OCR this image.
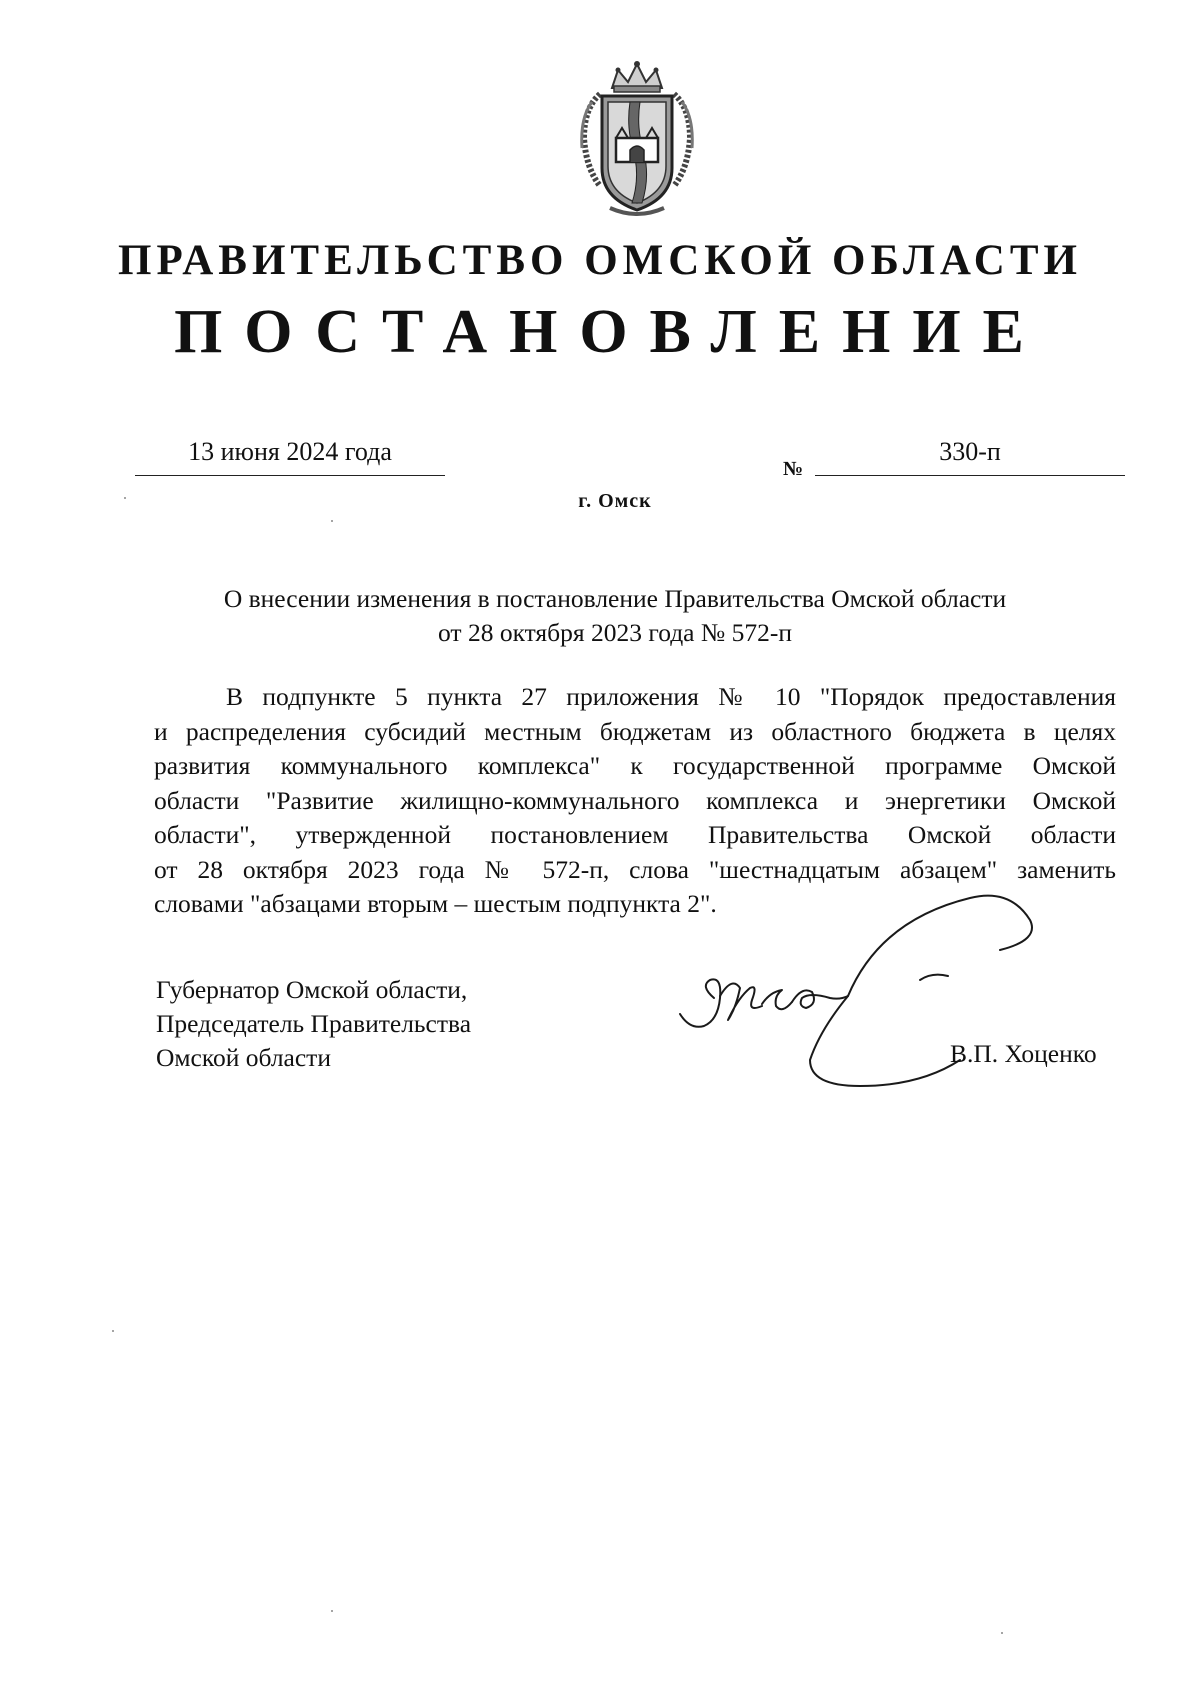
ПРАВИТЕЛЬСТВО ОМСКОЙ ОБЛАСТИ
ПОСТАНОВЛЕНИЕ
13 июня 2024 года
№
330-п
г. Омск
О внесении изменения в постановление Правительства Омской области
от 28 октября 2023 года № 572-п
В подпункте 5 пункта 27 приложения № 10 "Порядок предоставления
и распределения субсидий местным бюджетам из областного бюджета в целях
развития коммунального комплекса" к государственной программе Омской
области "Развитие жилищно-коммунального комплекса и энергетики Омской
области", утвержденной постановлением Правительства Омской области
от 28 октября 2023 года № 572-п, слова "шестнадцатым абзацем" заменить
словами "абзацами вторым – шестым подпункта 2".
Губернатор Омской области,
Председатель Правительства
Омской области	В.П. Хоценко
